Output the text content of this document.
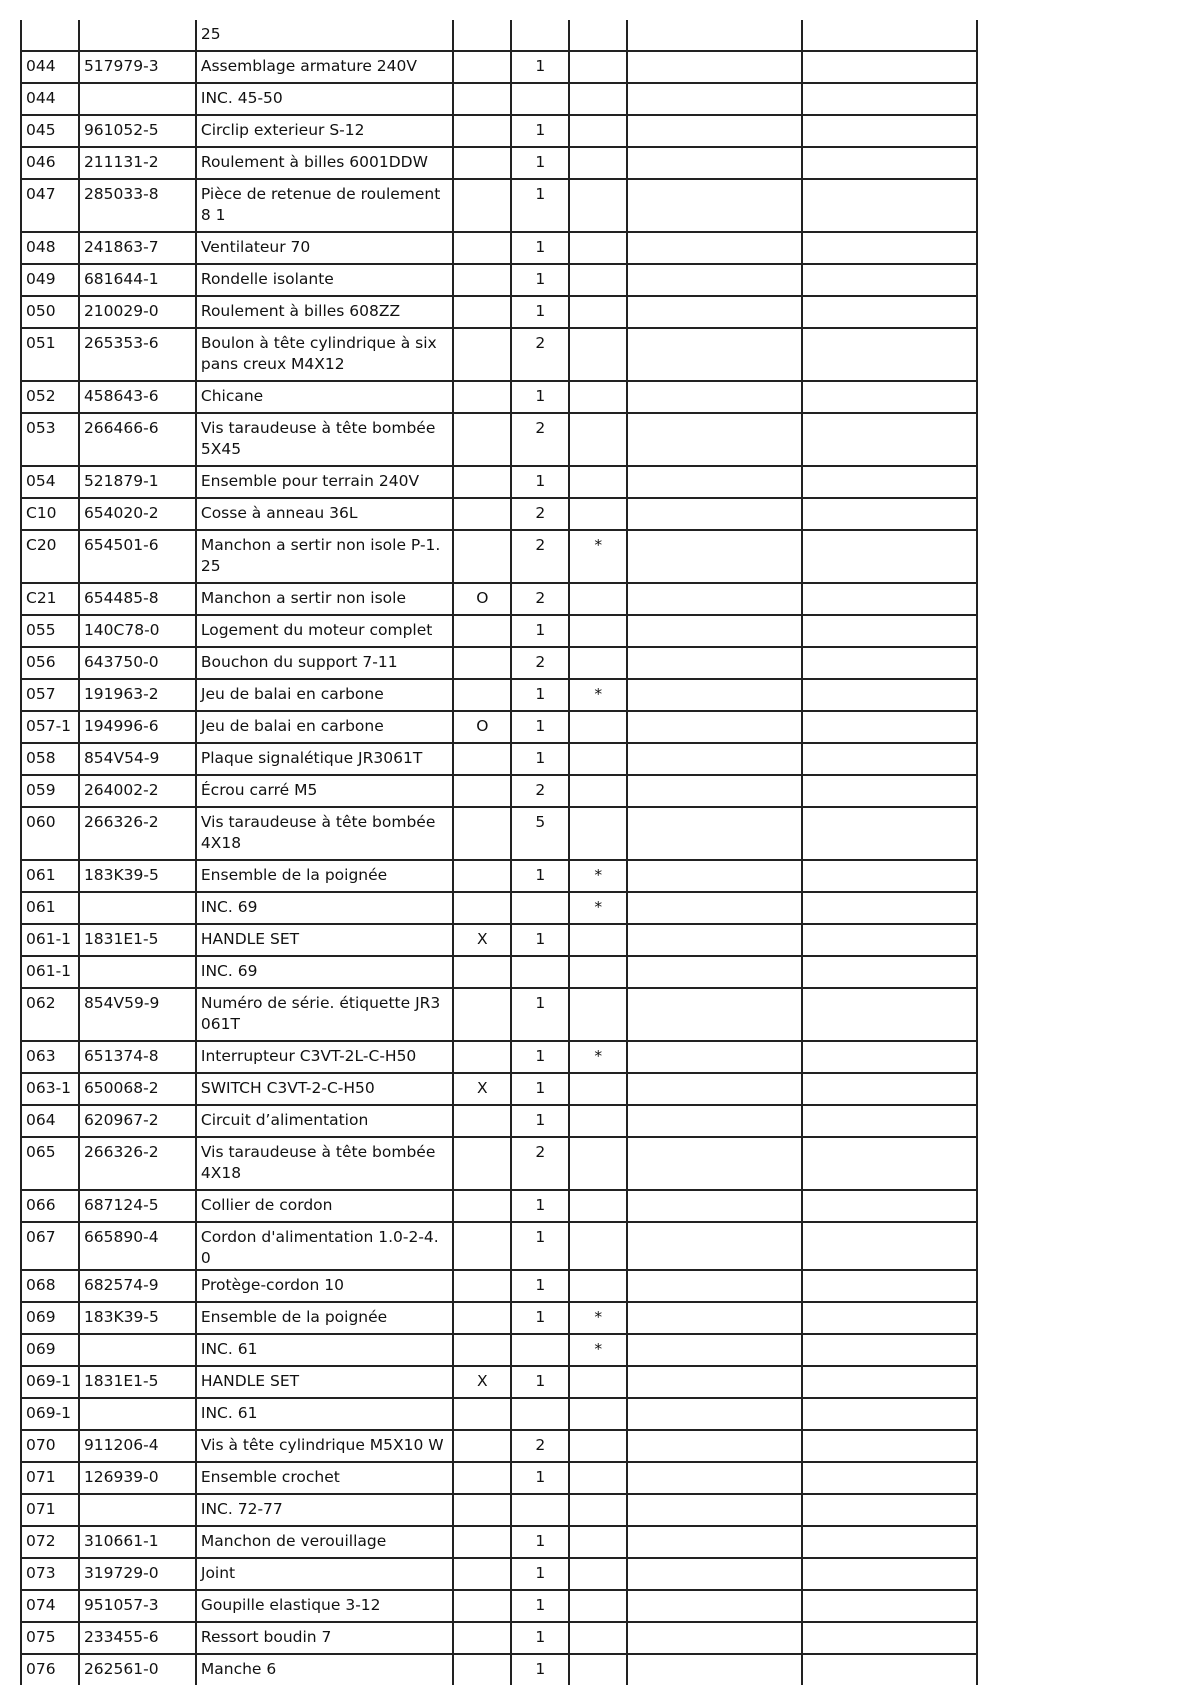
		25					

044	517979-3	Assemblage armature 240V		1			

044		INC. 45-50					

045	961052-5	Circlip exterieur S-12		1			

046	211131-2	Roulement à billes 6001DDW		1			

047	285033-8	Pièce de retenue de roulement 8 1		1			

048	241863-7	Ventilateur 70		1			

049	681644-1	Rondelle isolante		1			

050	210029-0	Roulement à billes 608ZZ		1			

051	265353-6	Boulon à tête cylindrique à six pans creux M4X12		2			

052	458643-6	Chicane		1			

053	266466-6	Vis taraudeuse à tête bombée 5X45		2			

054	521879-1	Ensemble pour terrain 240V		1			

C10	654020-2	Cosse à anneau 36L		2			

C20	654501-6	Manchon a sertir non isole P-1.25		2	*		

C21	654485-8	Manchon a sertir non isole	O	2			

055	140C78-0	Logement du moteur complet		1			

056	643750-0	Bouchon du support 7-11		2			

057	191963-2	Jeu de balai en carbone		1	*		

057-1	194996-6	Jeu de balai en carbone	O	1			

058	854V54-9	Plaque signalétique JR3061T		1			

059	264002-2	Écrou carré M5		2			

060	266326-2	Vis taraudeuse à tête bombée 4X18		5			

061	183K39-5	Ensemble de la poignée		1	*		

061		INC. 69			*		

061-1	1831E1-5	HANDLE SET	X	1			

061-1		INC. 69					

062	854V59-9	Numéro de série. étiquette JR3061T		1			

063	651374-8	Interrupteur C3VT-2L-C-H50		1	*		

063-1	650068-2	SWITCH C3VT-2-C-H50	X	1			

064	620967-2	Circuit d’alimentation		1			

065	266326-2	Vis taraudeuse à tête bombée 4X18		2			

066	687124-5	Collier de cordon		1			

067	665890-4	Cordon d'alimentation 1.0-2-4.0		1			

068	682574-9	Protège-cordon 10		1			

069	183K39-5	Ensemble de la poignée		1	*		

069		INC. 61			*		

069-1	1831E1-5	HANDLE SET	X	1			

069-1		INC. 61					

070	911206-4	Vis à tête cylindrique M5X10 W		2			

071	126939-0	Ensemble crochet		1			

071		INC. 72-77					

072	310661-1	Manchon de verouillage		1			

073	319729-0	Joint		1			

074	951057-3	Goupille elastique 3-12		1			

075	233455-6	Ressort boudin 7		1			

076	262561-0	Manche 6		1			
